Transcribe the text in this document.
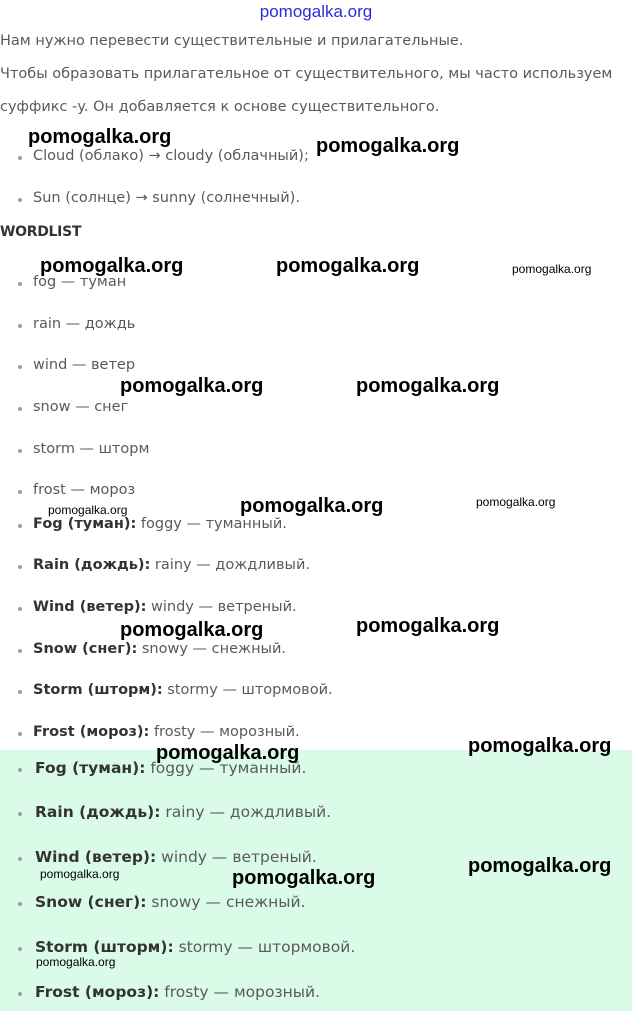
pomogalka.org
Нам нужно перевести существительные и прилагательные.
Чтобы образовать прилагательное от существительного, мы часто используем
суффикс -y. Он добавляется к основе существительного.
Cloud (облако) → cloudy (облачный);
Sun (солнце) → sunny (солнечный).
WORDLIST
fog — туман
rain — дождь
wind — ветер
snow — снег
storm — шторм
frost — мороз
Fog (туман): foggy — туманный.
Rain (дождь): rainy — дождливый.
Wind (ветер): windy — ветреный.
Snow (снег): snowy — снежный.
Storm (шторм): stormy — штормовой.
Frost (мороз): frosty — морозный.
Fog (туман): foggy — туманный.
Rain (дождь): rainy — дождливый.
Wind (ветер): windy — ветреный.
Snow (снег): snowy — снежный.
Storm (шторм): stormy — штормовой.
Frost (мороз): frosty — морозный.
pomogalka.org	pomogalka.org
pomogalka.org	pomogalka.org	pomogalka.org
pomogalka.org	pomogalka.org
pomogalka.org
pomogalka.org
pomogalka.org
pomogalka.org	pomogalka.org
pomogalka.org	pomogalka.org
pomogalka.org	pomogalka.org
pomogalka.org
pomogalka.org
